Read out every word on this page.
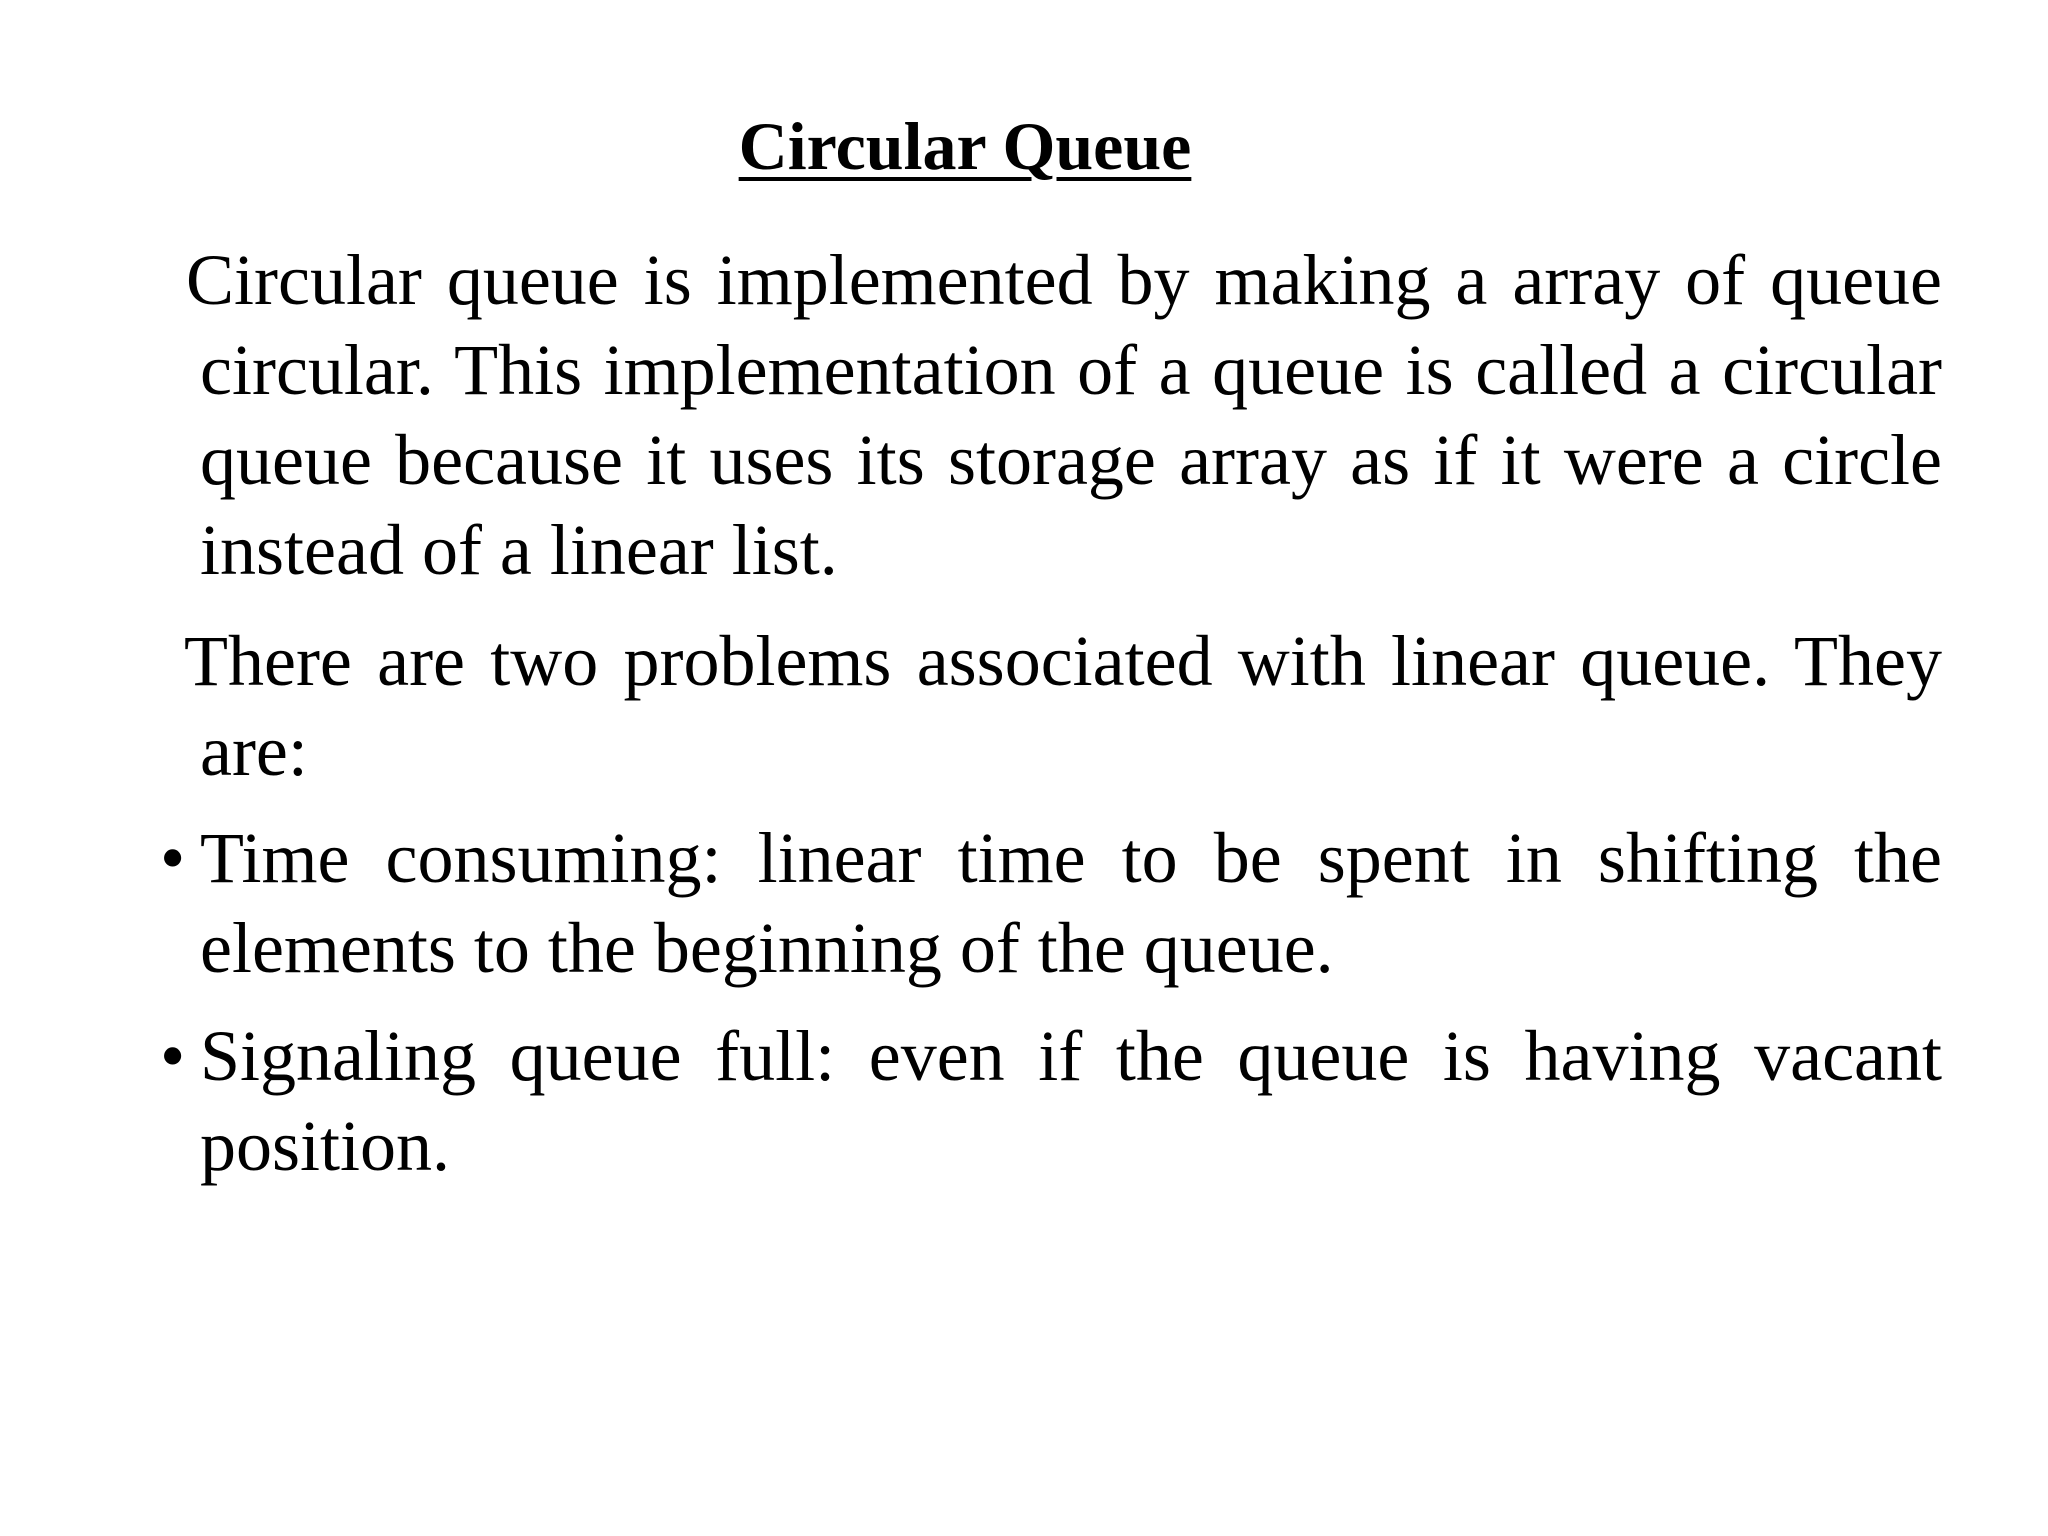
Circular Queue
Circular queue is implemented by making a array of queue circular. This implementation of a queue is called a circular queue because it uses its storage array as if it were a circle instead of a linear list.
There are two problems associated with linear queue. They are:
• Time consuming: linear time to be spent in shifting the elements to the beginning of the queue.
• Signaling queue full: even if the queue is having vacant position.
